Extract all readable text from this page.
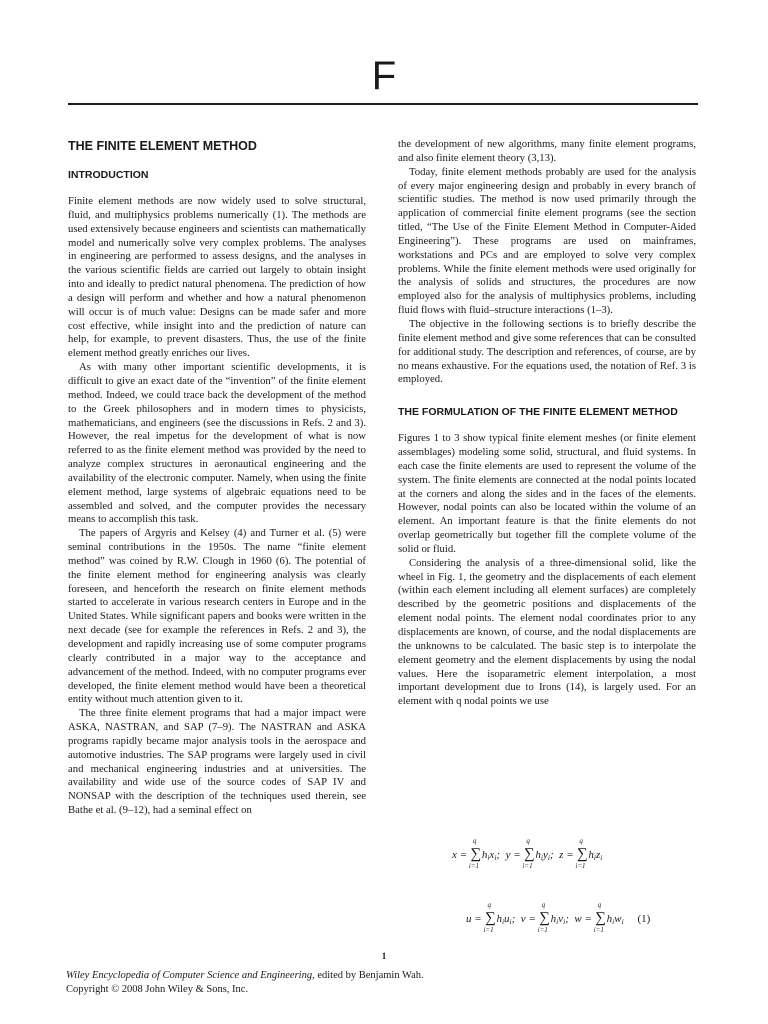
F
THE FINITE ELEMENT METHOD
INTRODUCTION

Finite element methods are now widely used to solve structural, fluid, and multiphysics problems numerically (1). The methods are used extensively because engineers and scientists can mathematically model and numerically solve very complex problems. The analyses in engineering are performed to assess designs, and the analyses in the various scientific fields are carried out largely to obtain insight into and ideally to predict natural phenomena. The prediction of how a design will perform and whether and how a natural phenomenon will occur is of much value: Designs can be made safer and more cost effective, while insight into and the prediction of nature can help, for example, to prevent disasters. Thus, the use of the finite element method greatly enriches our lives.

As with many other important scientific developments, it is difficult to give an exact date of the “invention” of the finite element method. Indeed, we could trace back the development of the method to the Greek philosophers and in modern times to physicists, mathematicians, and engineers (see the discussions in Refs. 2 and 3). However, the real impetus for the development of what is now referred to as the finite element method was provided by the need to analyze complex structures in aeronautical engineering and the availability of the electronic computer. Namely, when using the finite element method, large systems of algebraic equations need to be assembled and solved, and the computer provides the necessary means to accomplish this task.

The papers of Argyris and Kelsey (4) and Turner et al. (5) were seminal contributions in the 1950s. The name “finite element method” was coined by R.W. Clough in 1960 (6). The potential of the finite element method for engineering analysis was clearly foreseen, and henceforth the research on finite element methods started to accelerate in various research centers in Europe and in the United States. While significant papers and books were written in the next decade (see for example the references in Refs. 2 and 3), the development and rapidly increasing use of some computer programs clearly contributed in a major way to the acceptance and advancement of the method. Indeed, with no computer programs ever developed, the finite element method would have been a theoretical entity without much attention given to it.

The three finite element programs that had a major impact were ASKA, NASTRAN, and SAP (7–9). The NASTRAN and ASKA programs rapidly became major analysis tools in the aerospace and automotive industries. The SAP programs were largely used in civil and mechanical engineering industries and at universities. The availability and wide use of the source codes of SAP IV and NONSAP with the description of the techniques used therein, see Bathe et al. (9–12), had a seminal effect on

the development of new algorithms, many finite element programs, and also finite element theory (3,13).

Today, finite element methods probably are used for the analysis of every major engineering design and probably in every branch of scientific studies. The method is now used primarily through the application of commercial finite element programs (see the section titled, “The Use of the Finite Element Method in Computer-Aided Engineering”). These programs are used on mainframes, workstations and PCs and are employed to solve very complex problems. While the finite element methods were used originally for the analysis of solids and structures, the procedures are now employed also for the analysis of multiphysics problems, including fluid flows with fluid–structure interactions (1–3).

The objective in the following sections is to briefly describe the finite element method and give some references that can be consulted for additional study. The description and references, of course, are by no means exhaustive. For the equations used, the notation of Ref. 3 is employed.

THE FORMULATION OF THE FINITE ELEMENT METHOD

Figures 1 to 3 show typical finite element meshes (or finite element assemblages) modeling some solid, structural, and fluid systems. In each case the finite elements are used to represent the volume of the system. The finite elements are connected at the nodal points located at the corners and along the sides and in the faces of the elements. However, nodal points can also be located within the volume of an element. An important feature is that the finite elements do not overlap geometrically but together fill the complete volume of the solid or fluid.

Considering the analysis of a three-dimensional solid, like the wheel in Fig. 1, the geometry and the displacements of each element (within each element including all element surfaces) are completely described by the geometric positions and displacements of the element nodal points. The element nodal coordinates prior to any displacements are known, of course, and the nodal displacements are the unknowns to be calculated. The basic step is to interpolate the element geometry and the element displacements by using the nodal values. Here the isoparametric element interpolation, a most important development due to Irons (14), is largely used. For an element with q nodal points we use

x =
q
∑
i=1
$h_ix_i$;  y =
q
∑
i=1
$h_iy_i$;  z =
q
∑
i=1
$h_iz_i$
u =
q
∑
i=1
$h_iu_i$;  v =
q
∑
i=1
$h_iv_i$;  w =
q
∑
i=1
$h_iw_i$ (1)
1
Wiley Encyclopedia of Computer Science and Engineering, edited by Benjamin Wah.
Copyright © 2008 John Wiley & Sons, Inc.
